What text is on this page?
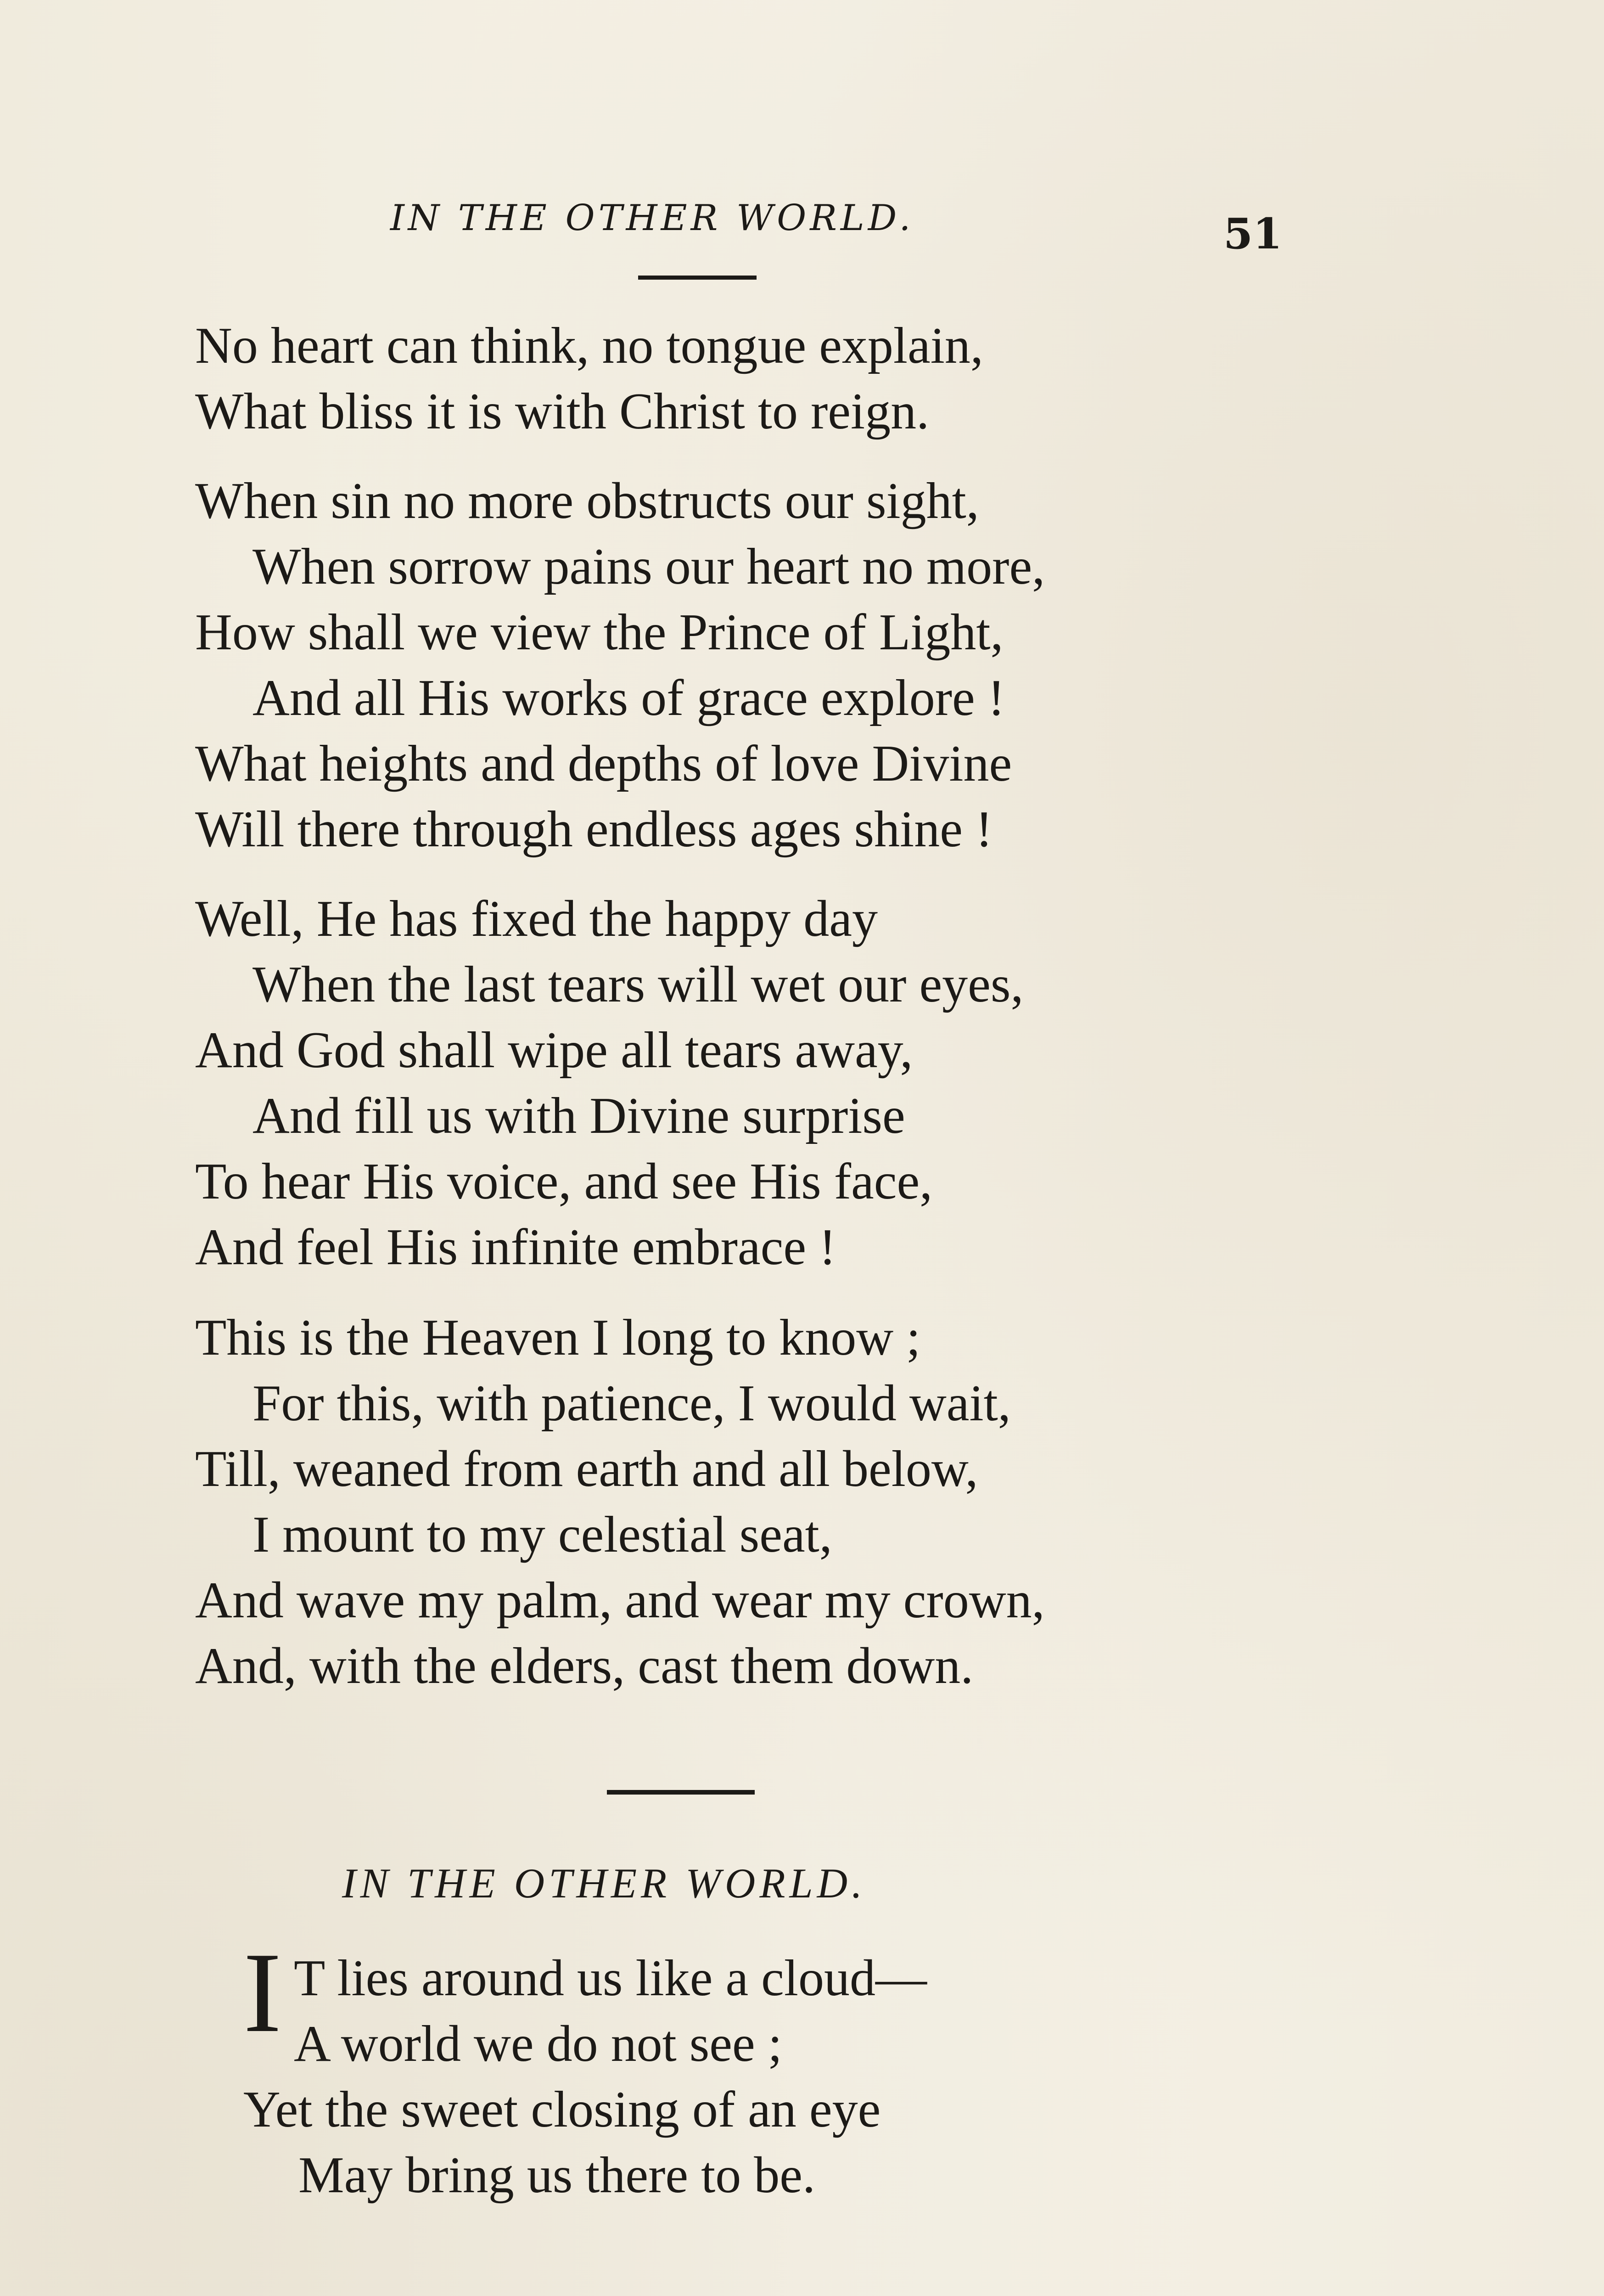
IN THE OTHER WORLD.	51
No heart can think, no tongue explain,
What bliss it is with Christ to reign.
When sin no more obstructs our sight,
When sorrow pains our heart no more,
How shall we view the Prince of Light,
And all His works of grace explore !
What heights and depths of love Divine
Will there through endless ages shine !
Well, He has fixed the happy day
When the last tears will wet our eyes,
And God shall wipe all tears away,
And fill us with Divine surprise
To hear His voice, and see His face,
And feel His infinite embrace !
This is the Heaven I long to know ;
For this, with patience, I would wait,
Till, weaned from earth and all below,
I mount to my celestial seat,
And wave my palm, and wear my crown,
And, with the elders, cast them down.
IN THE OTHER WORLD.
I T lies around us like a cloud—
A world we do not see ;
Yet the sweet closing of an eye
May bring us there to be.
